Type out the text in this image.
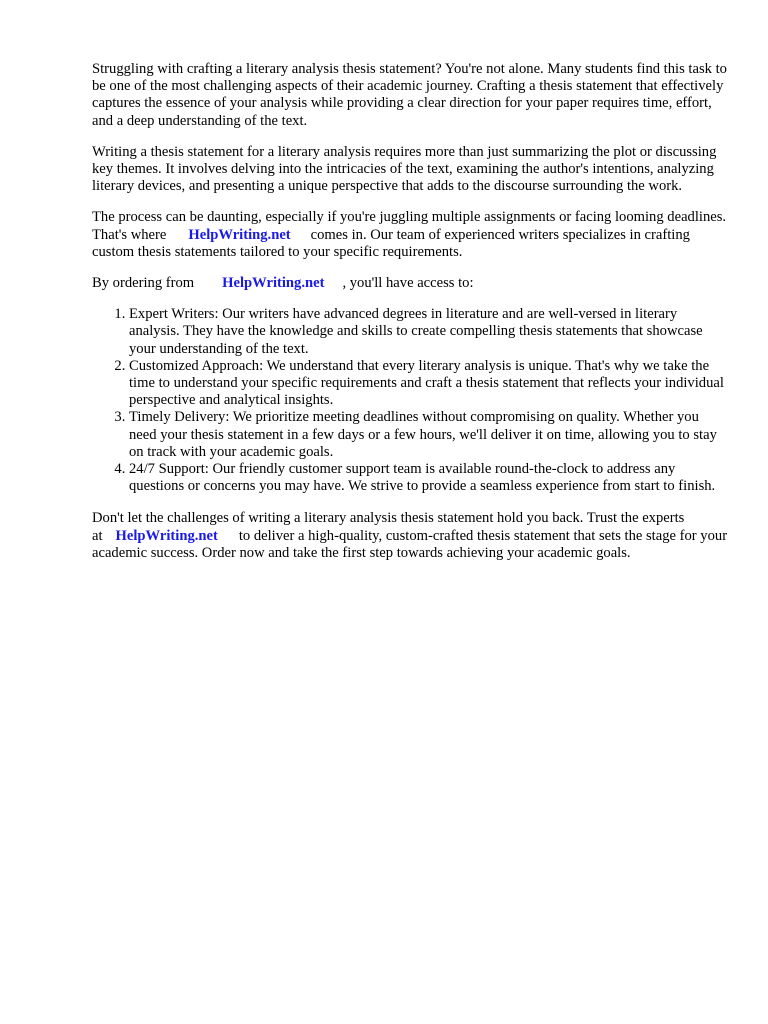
Struggling with crafting a literary analysis thesis statement? You're not alone. Many students find this task to be one of the most challenging aspects of their academic journey. Crafting a thesis statement that effectively captures the essence of your analysis while providing a clear direction for your paper requires time, effort, and a deep understanding of the text.

Writing a thesis statement for a literary analysis requires more than just summarizing the plot or discussing key themes. It involves delving into the intricacies of the text, examining the author's intentions, analyzing literary devices, and presenting a unique perspective that adds to the discourse surrounding the work.

The process can be daunting, especially if you're juggling multiple assignments or facing looming deadlines. That's where HelpWriting.net comes in. Our team of experienced writers specializes in crafting custom thesis statements tailored to your specific requirements.

By ordering from HelpWriting.net , you'll have access to:

1. Expert Writers: Our writers have advanced degrees in literature and are well-versed in literary analysis. They have the knowledge and skills to create compelling thesis statements that showcase your understanding of the text.
2. Customized Approach: We understand that every literary analysis is unique. That's why we take the time to understand your specific requirements and craft a thesis statement that reflects your individual perspective and analytical insights.
3. Timely Delivery: We prioritize meeting deadlines without compromising on quality. Whether you need your thesis statement in a few days or a few hours, we'll deliver it on time, allowing you to stay on track with your academic goals.
4. 24/7 Support: Our friendly customer support team is available round-the-clock to address any questions or concerns you may have. We strive to provide a seamless experience from start to finish.

Don't let the challenges of writing a literary analysis thesis statement hold you back. Trust the experts at HelpWriting.net to deliver a high-quality, custom-crafted thesis statement that sets the stage for your academic success. Order now and take the first step towards achieving your academic goals.
